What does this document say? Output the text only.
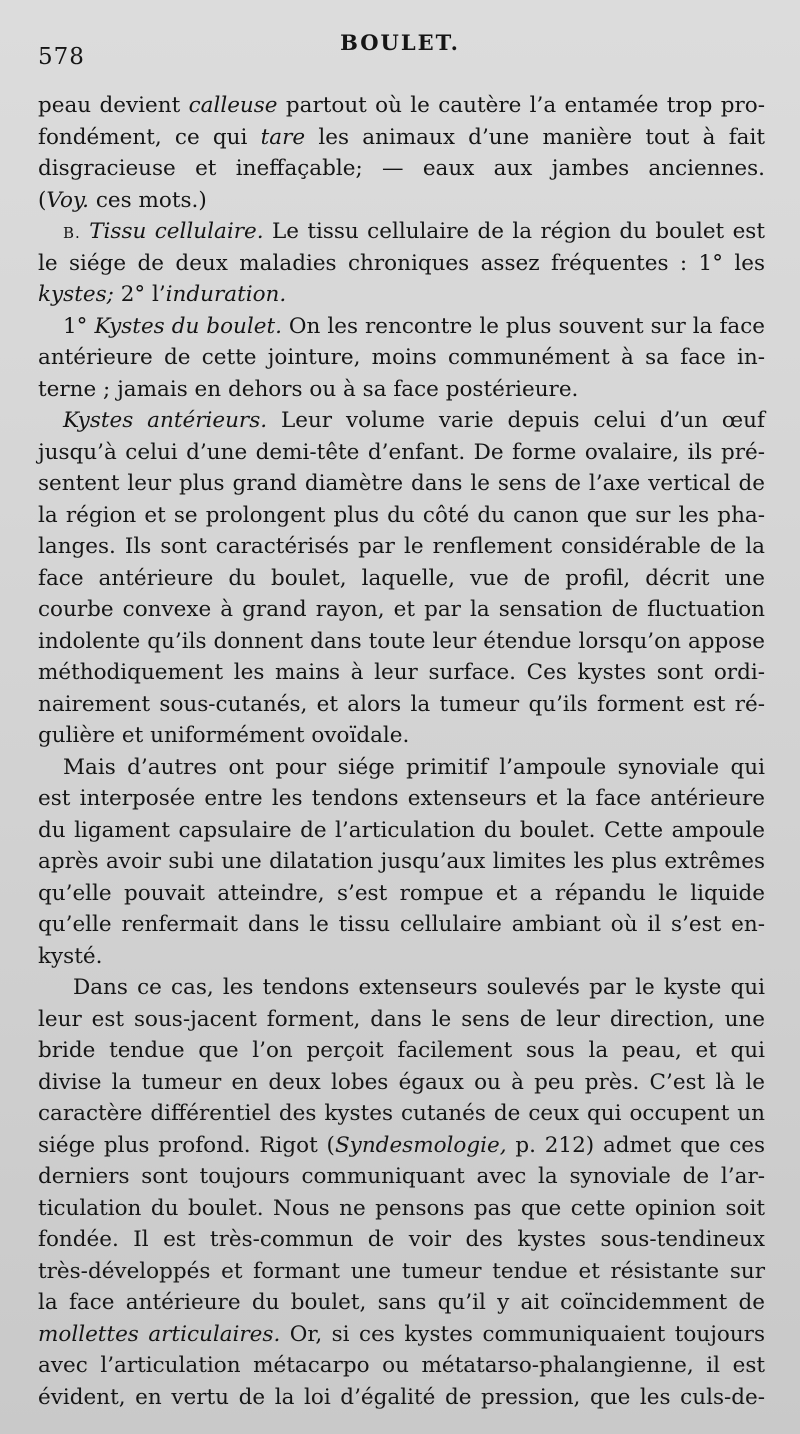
578
BOULET.
peau devient calleuse partout où le cautère l’a entamée trop pro-
fondément, ce qui tare les animaux d’une manière tout à fait
disgracieuse et ineffaçable; — eaux aux jambes anciennes.
(Voy. ces mots.)
B. Tissu cellulaire. Le tissu cellulaire de la région du boulet est
le siége de deux maladies chroniques assez fréquentes : 1° les
kystes; 2° l’induration.
1° Kystes du boulet. On les rencontre le plus souvent sur la face
antérieure de cette jointure, moins communément à sa face in-
terne ; jamais en dehors ou à sa face postérieure.
Kystes antérieurs. Leur volume varie depuis celui d’un œuf
jusqu’à celui d’une demi-tête d’enfant. De forme ovalaire, ils pré-
sentent leur plus grand diamètre dans le sens de l’axe vertical de
la région et se prolongent plus du côté du canon que sur les pha-
langes. Ils sont caractérisés par le renflement considérable de la
face antérieure du boulet, laquelle, vue de profil, décrit une
courbe convexe à grand rayon, et par la sensation de fluctuation
indolente qu’ils donnent dans toute leur étendue lorsqu’on appose
méthodiquement les mains à leur surface. Ces kystes sont ordi-
nairement sous-cutanés, et alors la tumeur qu’ils forment est ré-
gulière et uniformément ovoïdale.
Mais d’autres ont pour siége primitif l’ampoule synoviale qui
est interposée entre les tendons extenseurs et la face antérieure
du ligament capsulaire de l’articulation du boulet. Cette ampoule
après avoir subi une dilatation jusqu’aux limites les plus extrêmes
qu’elle pouvait atteindre, s’est rompue et a répandu le liquide
qu’elle renfermait dans le tissu cellulaire ambiant où il s’est en-
kysté.
Dans ce cas, les tendons extenseurs soulevés par le kyste qui
leur est sous-jacent forment, dans le sens de leur direction, une
bride tendue que l’on perçoit facilement sous la peau, et qui
divise la tumeur en deux lobes égaux ou à peu près. C’est là le
caractère différentiel des kystes cutanés de ceux qui occupent un
siége plus profond. Rigot (Syndesmologie, p. 212) admet que ces
derniers sont toujours communiquant avec la synoviale de l’ar-
ticulation du boulet. Nous ne pensons pas que cette opinion soit
fondée. Il est très-commun de voir des kystes sous-tendineux
très-développés et formant une tumeur tendue et résistante sur
la face antérieure du boulet, sans qu’il y ait coïncidemment de
mollettes articulaires. Or, si ces kystes communiquaient toujours
avec l’articulation métacarpo ou métatarso-phalangienne, il est
évident, en vertu de la loi d’égalité de pression, que les culs-de-
